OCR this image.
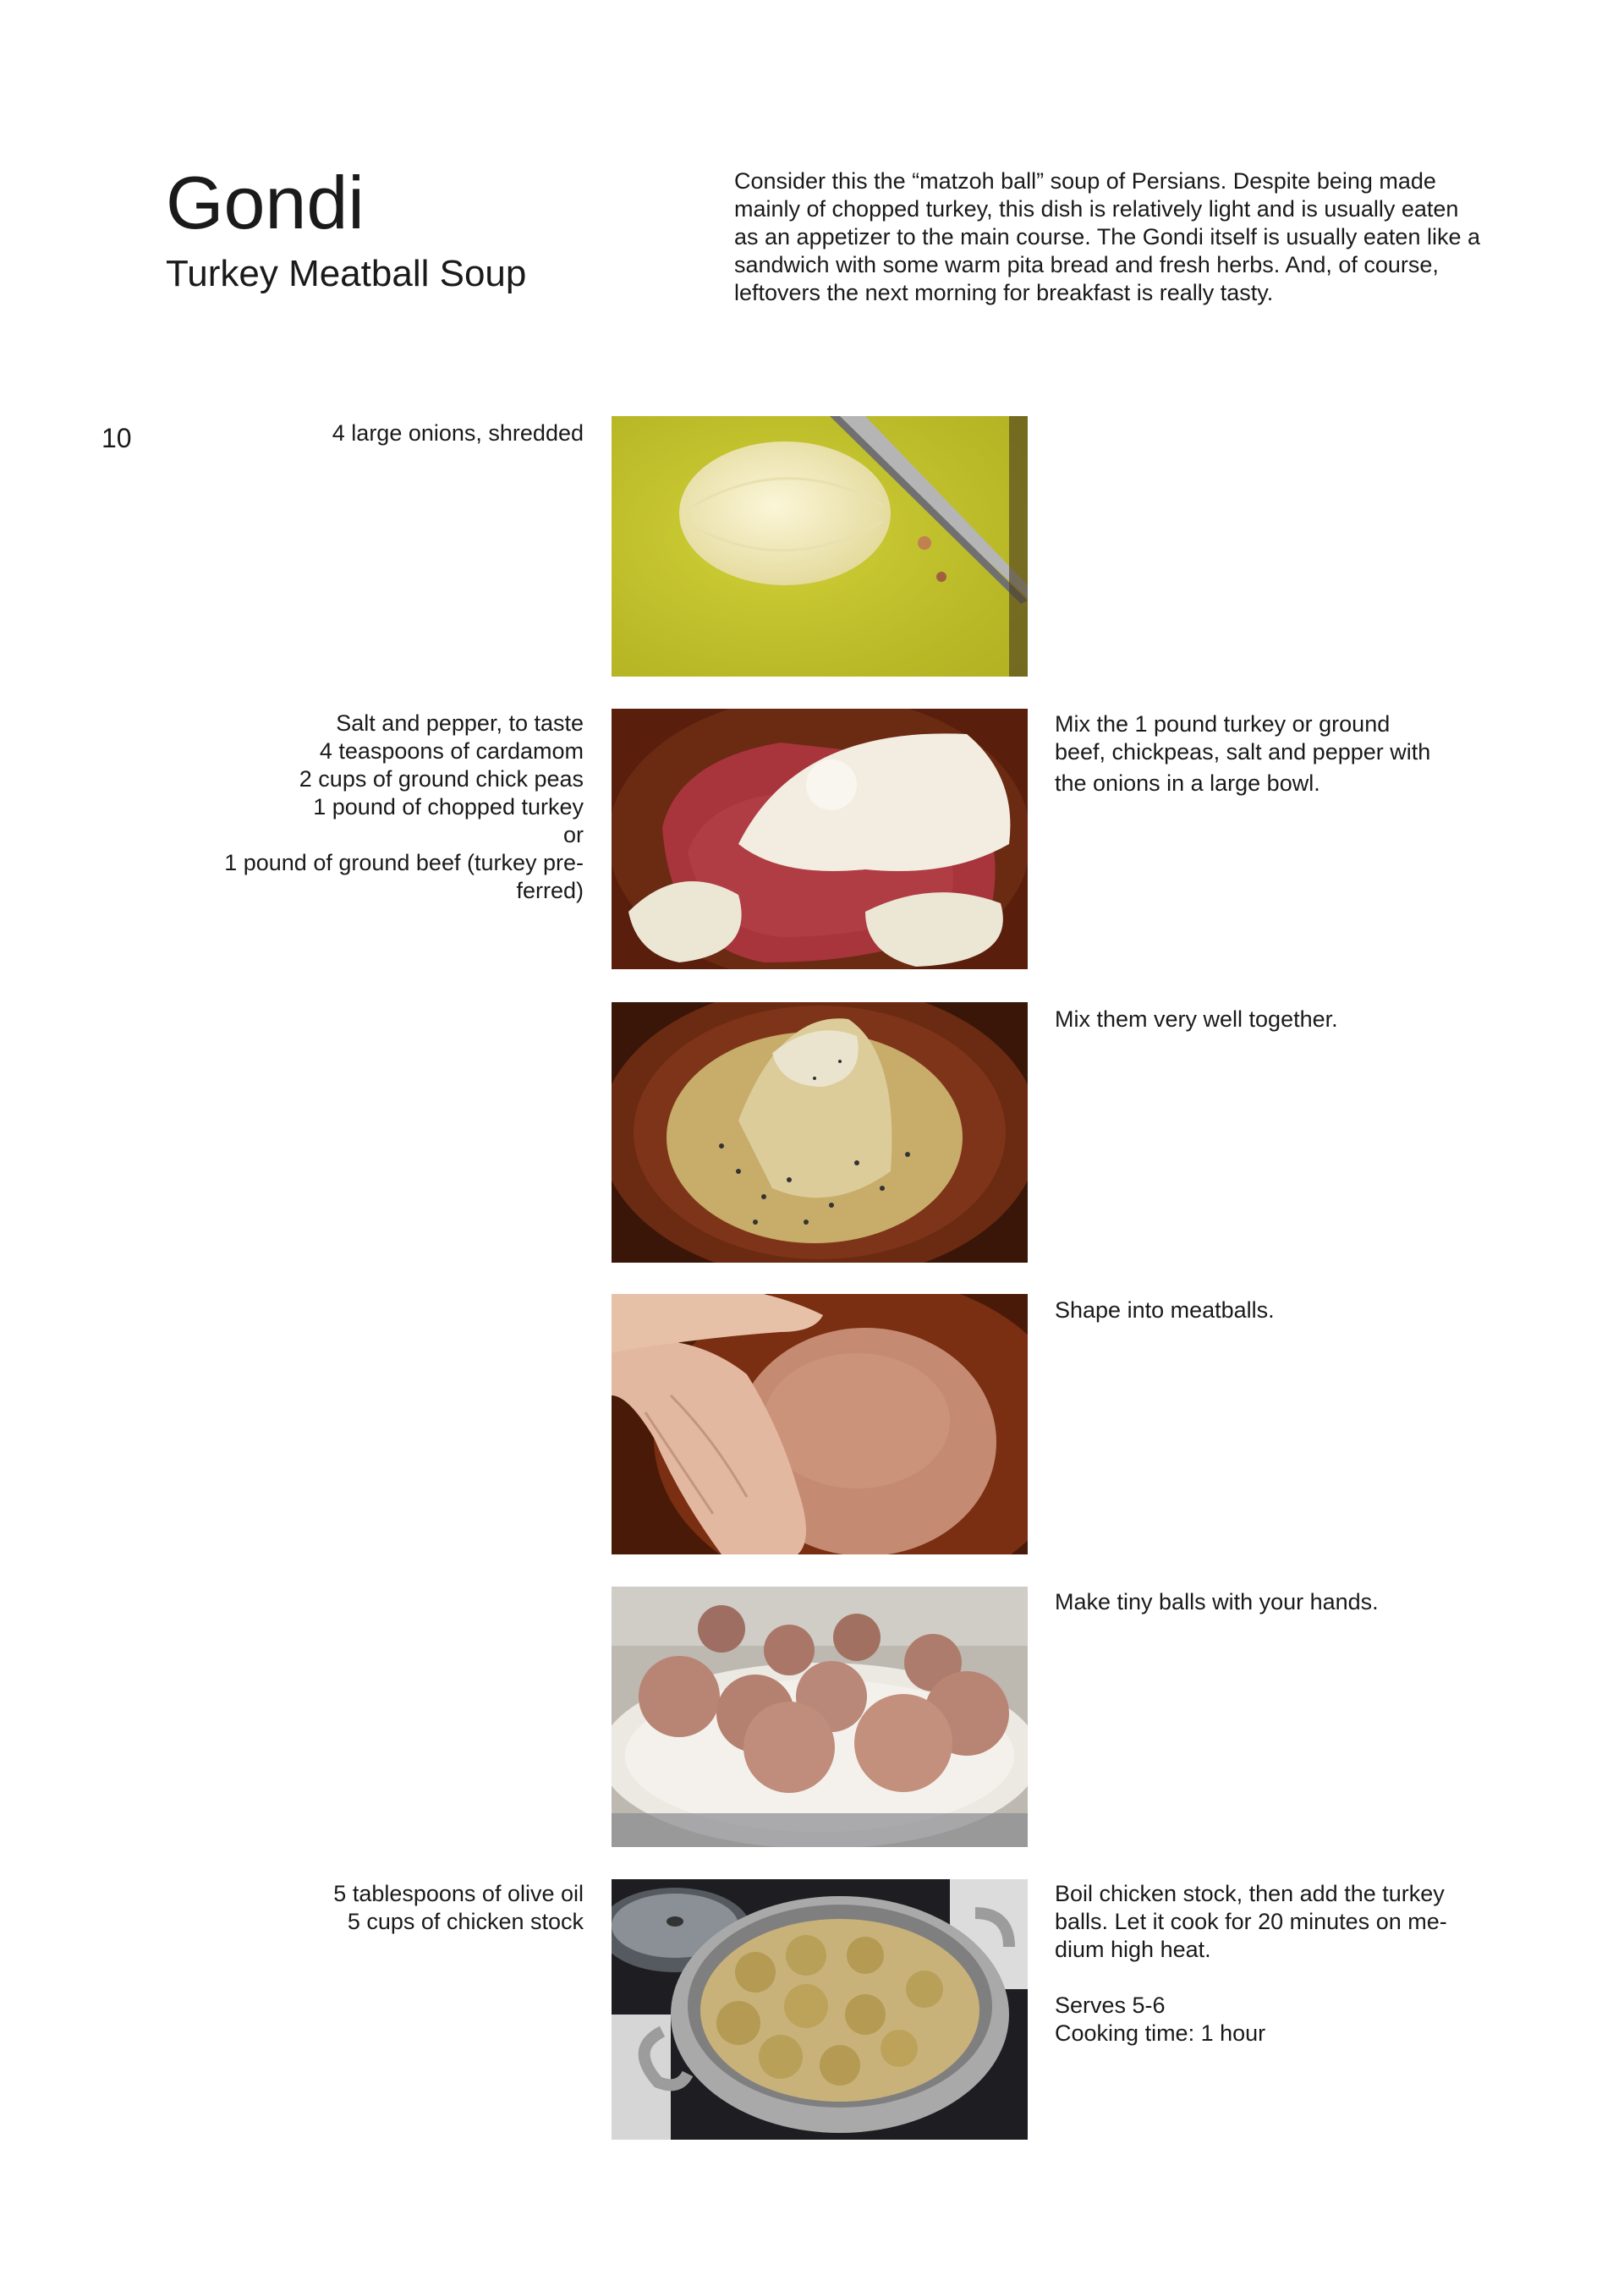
Gondi
Turkey Meatball Soup

Consider this the “matzoh ball” soup of Persians. Despite being made mainly of chopped turkey, this dish is relatively light and is usually eaten as an appetizer to the main course. The Gondi itself is usually eaten like a sandwich with some warm pita bread and fresh herbs. And, of course, leftovers the next morning for breakfast is really tasty.

10	4 large onions, shredded
Salt and pepper, to taste
4 teaspoons of cardamom
2 cups of ground chick peas
1 pound of chopped turkey
or
1 pound of ground beef (turkey pre-
ferred)
5 tablespoons of olive oil
5 cups of chicken stock

Mix the 1 pound turkey or ground

beef, chickpeas, salt and pepper with

the onions in a large bowl.

Mix them very well together.

Shape into meatballs.

Make tiny balls with your hands.

Boil chicken stock, then add the turkey

balls. Let it cook for 20 minutes on me-

dium high heat.

Serves 5-6

Cooking time: 1 hour
